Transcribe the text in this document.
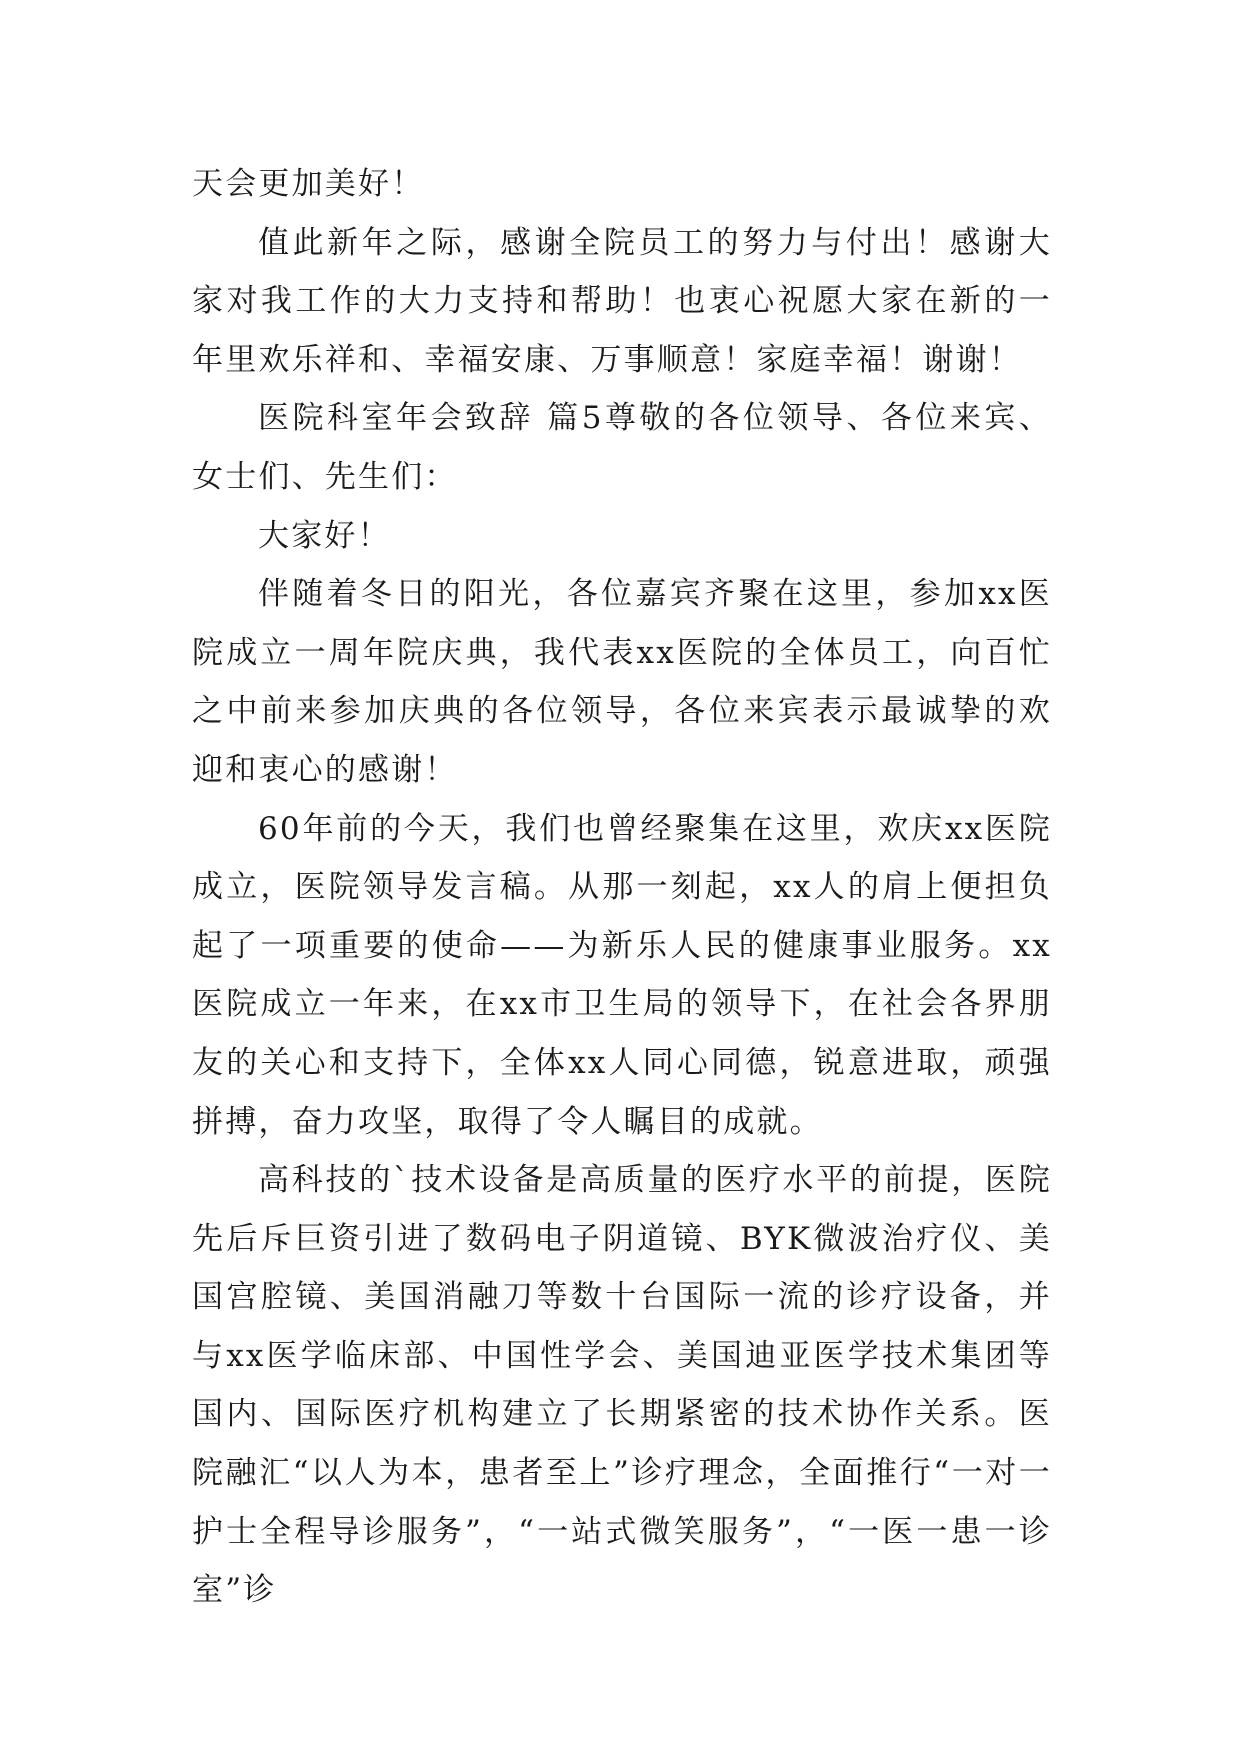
天会更加美好！

值此新年之际，感谢全院员工的努力与付出！感谢大家对我工作的大力支持和帮助！也衷心祝愿大家在新的一年里欢乐祥和、幸福安康、万事顺意！家庭幸福！谢谢！

医院科室年会致辞 篇5尊敬的各位领导、各位来宾、女士们、先生们：

大家好！

伴随着冬日的阳光，各位嘉宾齐聚在这里，参加xx医院成立一周年院庆典，我代表xx医院的全体员工，向百忙之中前来参加庆典的各位领导，各位来宾表示最诚挚的欢迎和衷心的感谢！

60年前的今天，我们也曾经聚集在这里，欢庆xx医院成立，医院领导发言稿。从那一刻起，xx人的肩上便担负起了一项重要的使命——为新乐人民的健康事业服务。xx医院成立一年来，在xx市卫生局的领导下，在社会各界朋友的关心和支持下，全体xx人同心同德，锐意进取，顽强拼搏，奋力攻坚，取得了令人瞩目的成就。

高科技的`技术设备是高质量的医疗水平的前提，医院先后斥巨资引进了数码电子阴道镜、BYK微波治疗仪、美国宫腔镜、美国消融刀等数十台国际一流的诊疗设备，并与xx医学临床部、中国性学会、美国迪亚医学技术集团等国内、国际医疗机构建立了长期紧密的技术协作关系。医院融汇“以人为本，患者至上”诊疗理念，全面推行“一对一护士全程导诊服务”，“一站式微笑服务”，“一医一患一诊室”诊
